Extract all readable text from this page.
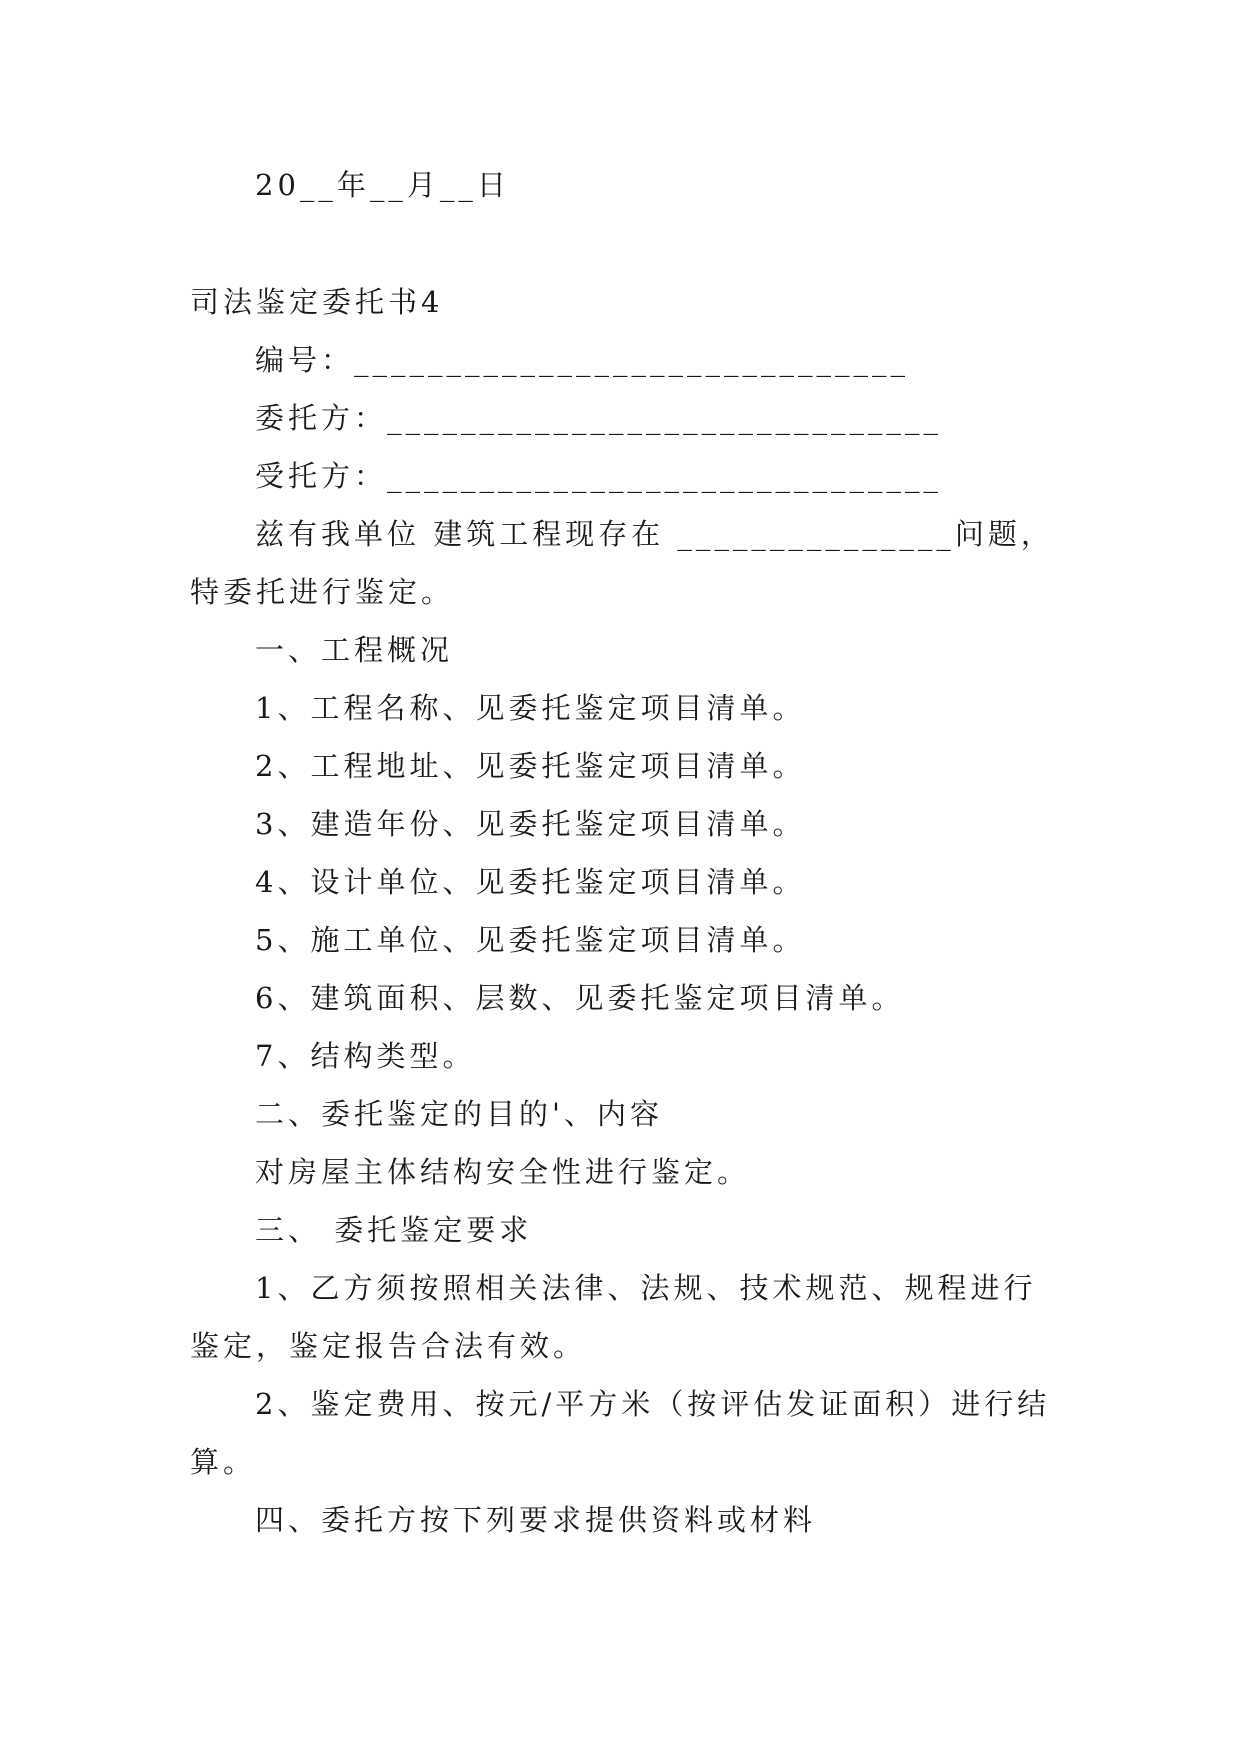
20__年__月__日
司法鉴定委托书4
编号：______________________________
委托方：______________________________
受托方：______________________________
兹有我单位 建筑工程现存在 _______________问题，
特委托进行鉴定。
一、工程概况
1、工程名称、见委托鉴定项目清单。
2、工程地址、见委托鉴定项目清单。
3、建造年份、见委托鉴定项目清单。
4、设计单位、见委托鉴定项目清单。
5、施工单位、见委托鉴定项目清单。
6、建筑面积、层数、见委托鉴定项目清单。
7、结构类型。
二、委托鉴定的目的'、内容
对房屋主体结构安全性进行鉴定。
三、 委托鉴定要求
1、乙方须按照相关法律、法规、技术规范、规程进行
鉴定，鉴定报告合法有效。
2、鉴定费用、按元/平方米（按评估发证面积）进行结
算。
四、委托方按下列要求提供资料或材料
